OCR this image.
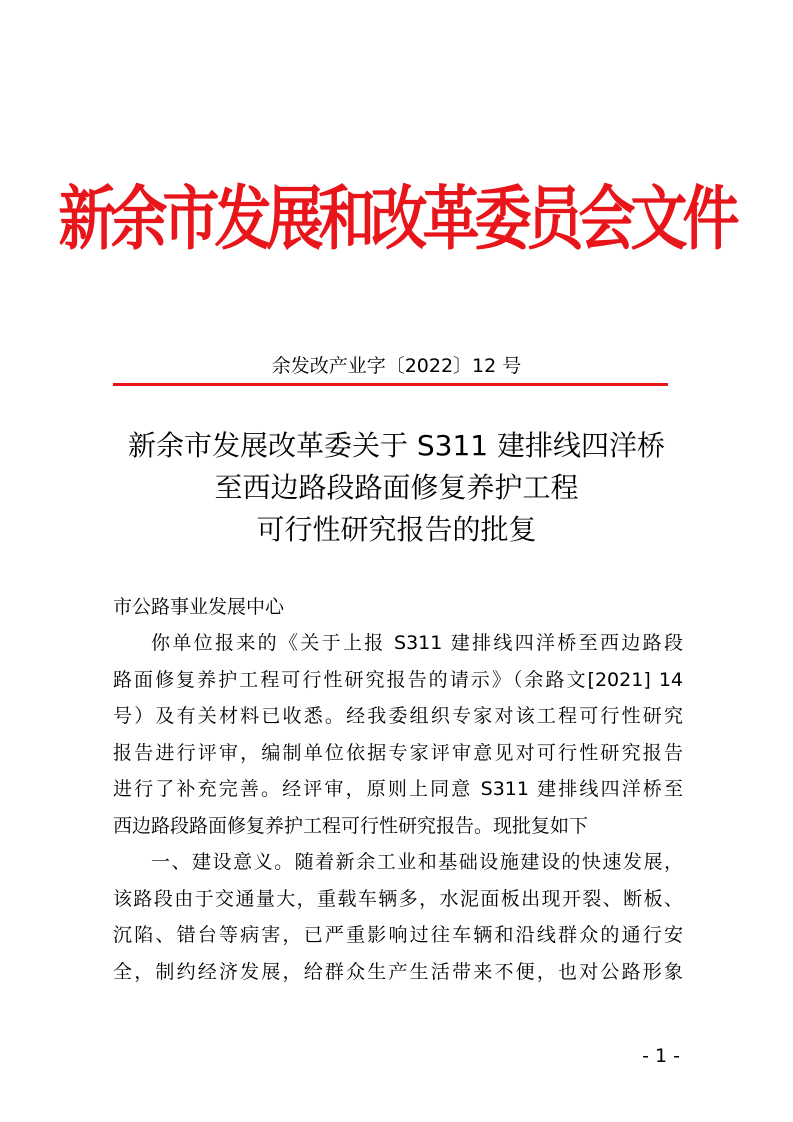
新余市发展和改革委员会文件
余发改产业字〔2022〕12 号
新余市发展改革委关于 S311 建排线四洋桥
至西边路段路面修复养护工程
可行性研究报告的批复
市公路事业发展中心
你单位报来的《关于上报 S311 建排线四洋桥至西边路段
路面修复养护工程可行性研究报告的请示》（余路文[2021] 14
号）及有关材料已收悉。经我委组织专家对该工程可行性研究
报告进行评审，编制单位依据专家评审意见对可行性研究报告
进行了补充完善。经评审，原则上同意 S311 建排线四洋桥至
西边路段路面修复养护工程可行性研究报告。现批复如下
一、建设意义。随着新余工业和基础设施建设的快速发展，
该路段由于交通量大，重载车辆多，水泥面板出现开裂、断板、
沉陷、错台等病害，已严重影响过往车辆和沿线群众的通行安
全，制约经济发展，给群众生产生活带来不便，也对公路形象
- 1 -
